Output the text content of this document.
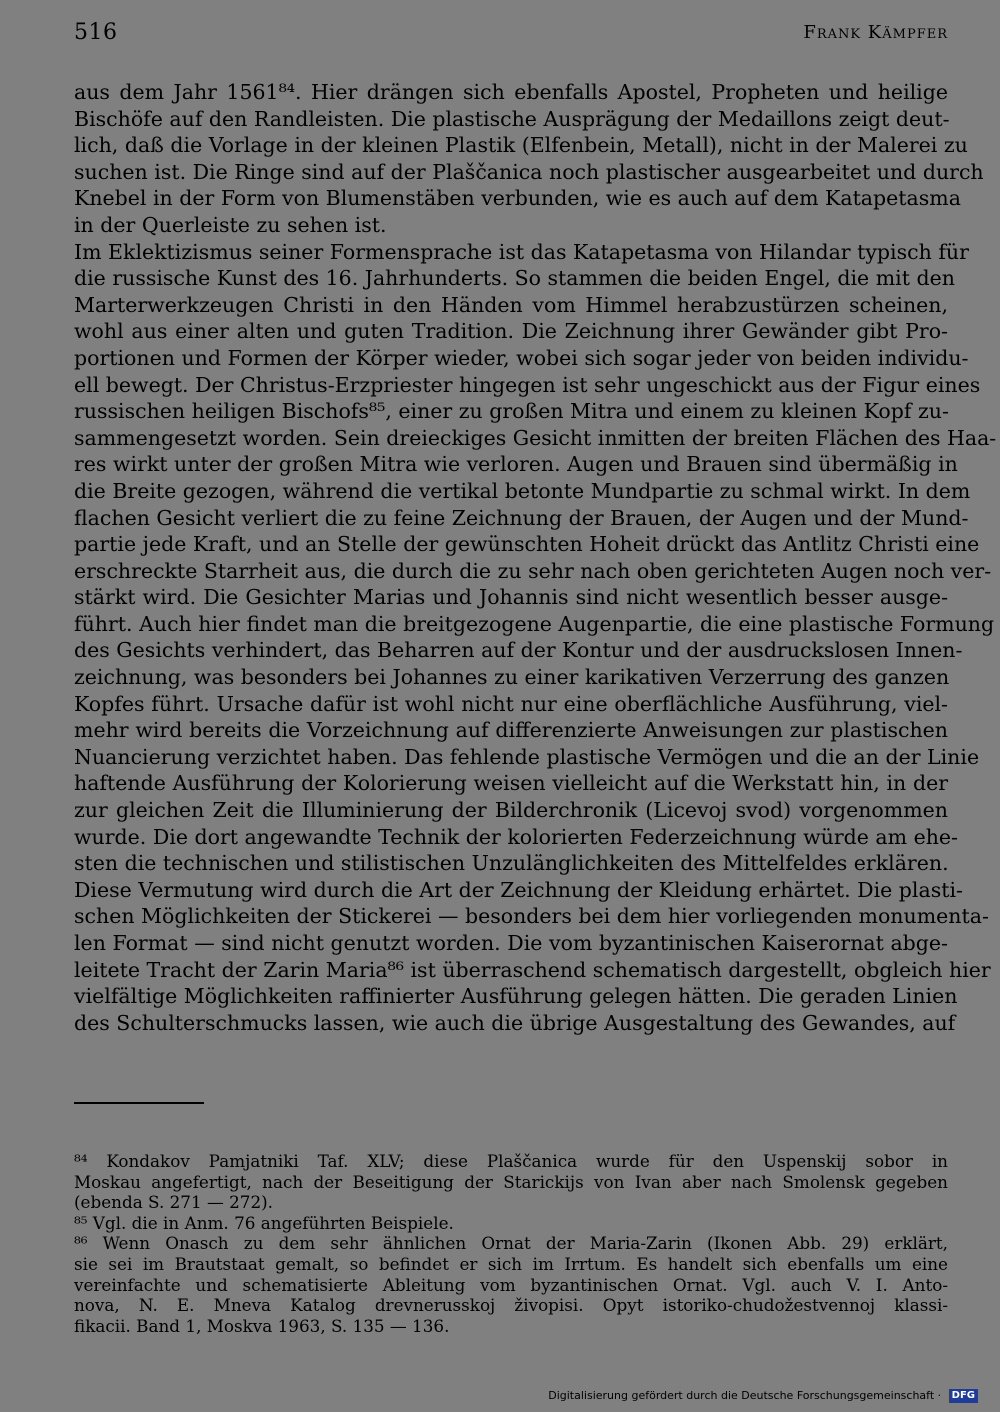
516	Frank Kämpfer
aus dem Jahr 1561⁸⁴. Hier drängen sich ebenfalls Apostel, Propheten und heilige
Bischöfe auf den Randleisten. Die plastische Ausprägung der Medaillons zeigt deut-
lich, daß die Vorlage in der kleinen Plastik (Elfenbein, Metall), nicht in der Malerei zu
suchen ist. Die Ringe sind auf der Plaščanica noch plastischer ausgearbeitet und durch
Knebel in der Form von Blumenstäben verbunden, wie es auch auf dem Katapetasma
in der Querleiste zu sehen ist.
Im Eklektizismus seiner Formensprache ist das Katapetasma von Hilandar typisch für
die russische Kunst des 16. Jahrhunderts. So stammen die beiden Engel, die mit den
Marterwerkzeugen Christi in den Händen vom Himmel herabzustürzen scheinen,
wohl aus einer alten und guten Tradition. Die Zeichnung ihrer Gewänder gibt Pro-
portionen und Formen der Körper wieder, wobei sich sogar jeder von beiden individu-
ell bewegt. Der Christus-Erzpriester hingegen ist sehr ungeschickt aus der Figur eines
russischen heiligen Bischofs⁸⁵, einer zu großen Mitra und einem zu kleinen Kopf zu-
sammengesetzt worden. Sein dreieckiges Gesicht inmitten der breiten Flächen des Haa-
res wirkt unter der großen Mitra wie verloren. Augen und Brauen sind übermäßig in
die Breite gezogen, während die vertikal betonte Mundpartie zu schmal wirkt. In dem
flachen Gesicht verliert die zu feine Zeichnung der Brauen, der Augen und der Mund-
partie jede Kraft, und an Stelle der gewünschten Hoheit drückt das Antlitz Christi eine
erschreckte Starrheit aus, die durch die zu sehr nach oben gerichteten Augen noch ver-
stärkt wird. Die Gesichter Marias und Johannis sind nicht wesentlich besser ausge-
führt. Auch hier findet man die breitgezogene Augenpartie, die eine plastische Formung
des Gesichts verhindert, das Beharren auf der Kontur und der ausdruckslosen Innen-
zeichnung, was besonders bei Johannes zu einer karikativen Verzerrung des ganzen
Kopfes führt. Ursache dafür ist wohl nicht nur eine oberflächliche Ausführung, viel-
mehr wird bereits die Vorzeichnung auf differenzierte Anweisungen zur plastischen
Nuancierung verzichtet haben. Das fehlende plastische Vermögen und die an der Linie
haftende Ausführung der Kolorierung weisen vielleicht auf die Werkstatt hin, in der
zur gleichen Zeit die Illuminierung der Bilderchronik (Licevoj svod) vorgenommen
wurde. Die dort angewandte Technik der kolorierten Federzeichnung würde am ehe-
sten die technischen und stilistischen Unzulänglichkeiten des Mittelfeldes erklären.
Diese Vermutung wird durch die Art der Zeichnung der Kleidung erhärtet. Die plasti-
schen Möglichkeiten der Stickerei — besonders bei dem hier vorliegenden monumenta-
len Format — sind nicht genutzt worden. Die vom byzantinischen Kaiserornat abge-
leitete Tracht der Zarin Maria⁸⁶ ist überraschend schematisch dargestellt, obgleich hier
vielfältige Möglichkeiten raffinierter Ausführung gelegen hätten. Die geraden Linien
des Schulterschmucks lassen, wie auch die übrige Ausgestaltung des Gewandes, auf
⁸⁴ Kondakov Pamjatniki Taf. XLV; diese Plaščanica wurde für den Uspenskij sobor in
Moskau angefertigt, nach der Beseitigung der Starickijs von Ivan aber nach Smolensk gegeben
(ebenda S. 271 — 272).
⁸⁵ Vgl. die in Anm. 76 angeführten Beispiele.
⁸⁶ Wenn Onasch zu dem sehr ähnlichen Ornat der Maria-Zarin (Ikonen Abb. 29) erklärt,
sie sei im Brautstaat gemalt, so befindet er sich im Irrtum. Es handelt sich ebenfalls um eine
vereinfachte und schematisierte Ableitung vom byzantinischen Ornat. Vgl. auch V. I. Anto-
nova, N. E. Mneva Katalog drevnerusskoj živopisi. Opyt istoriko-chudožestvennoj klassi-
fikacii. Band 1, Moskva 1963, S. 135 — 136.
Digitalisierung gefördert durch die Deutsche Forschungsgemeinschaft · DFG
